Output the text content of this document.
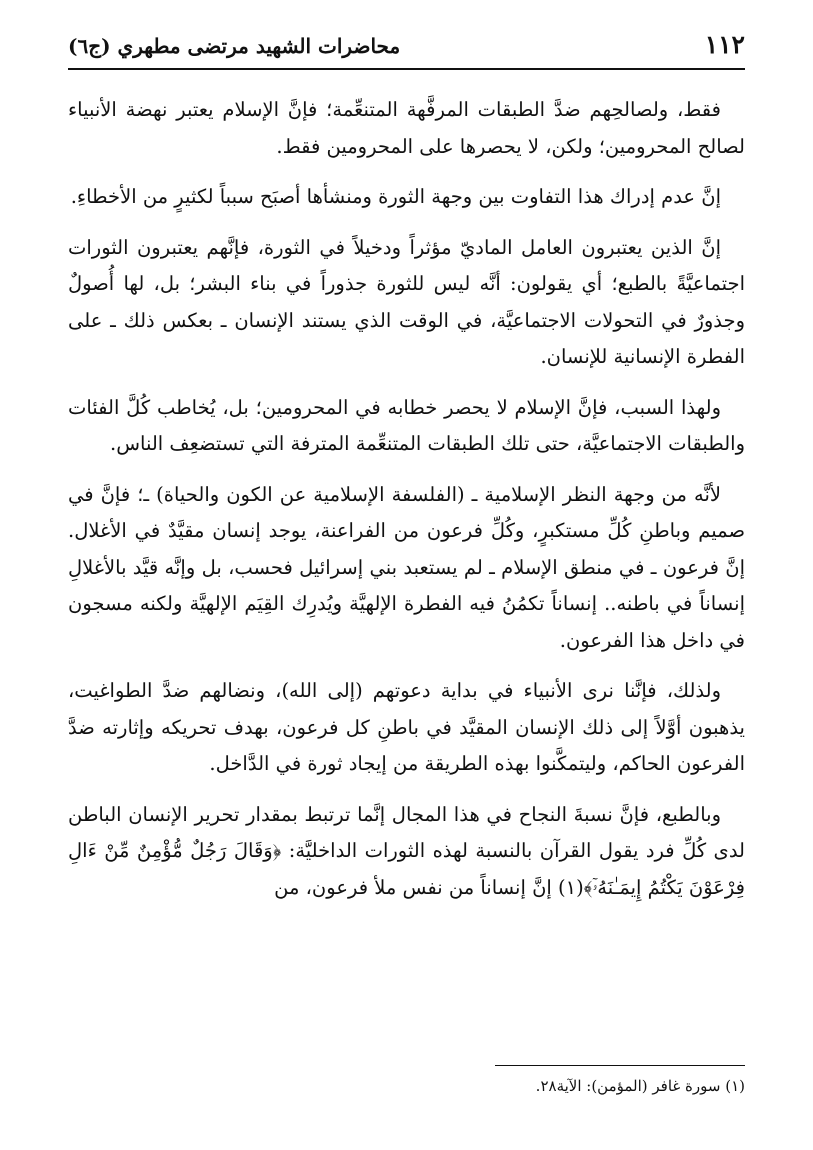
١١٢
محاضرات الشهيد مرتضى مطهري (ج٦)

فقط، ولصالحِهم ضدَّ الطبقات المرفَّهة المتنعِّمة؛ فإنَّ الإسلام يعتبر نهضة الأنبياء لصالح المحرومين؛ ولكن، لا يحصرها على المحرومين فقط.

إنَّ عدم إدراك هذا التفاوت بين وجهة الثورة ومنشأها أصبَح سبباً لكثيرٍ من الأخطاءِ.

إنَّ الذين يعتبرون العامل الماديّ مؤثراً ودخيلاً في الثورة، فإنَّهم يعتبرون الثورات اجتماعيَّةً بالطبع؛ أي يقولون: أنَّه ليس للثورة جذوراً في بناء البشر؛ بل، لها أُصولٌ وجذورٌ في التحولات الاجتماعيَّة، في الوقت الذي يستند الإنسان ـ بعكس ذلك ـ على الفطرة الإنسانية للإنسان.

ولهذا السبب، فإنَّ الإسلام لا يحصر خطابه في المحرومين؛ بل، يُخاطب كُلَّ الفئات والطبقات الاجتماعيَّة، حتى تلك الطبقات المتنعِّمة المترفة التي تستضعِف الناس.

لأنَّه من وجهة النظر الإسلامية ـ (الفلسفة الإسلامية عن الكون والحياة) ـ؛ فإنَّ في صميم وباطنِ كُلِّ مستكبرٍ، وكُلِّ فرعون من الفراعنة، يوجد إنسان مقيَّدٌ في الأغلال. إنَّ فرعون ـ في منطق الإسلام ـ لم يستعبد بني إسرائيل فحسب، بل وإنَّه قيَّد بالأغلالِ إنساناً في باطنه.. إنساناً تكمُنُ فيه الفطرة الإلهيَّة ويُدرِك القِيَم الإلهيَّة ولكنه مسجون في داخل هذا الفرعون.

ولذلك، فإنَّنا نرى الأنبياء في بداية دعوتهم (إلى الله)، ونضالهم ضدَّ الطواغيت، يذهبون أوَّلاً إلى ذلك الإنسان المقيَّد في باطنِ كل فرعون، بهدف تحريكه وإثارته ضدَّ الفرعون الحاكم، وليتمكَّنوا بهذه الطريقة من إيجاد ثورة في الدَّاخل.

وبالطبع، فإنَّ نسبةَ النجاح في هذا المجال إنَّما ترتبط بمقدار تحرير الإنسان الباطن لدى كُلِّ فرد يقول القرآن بالنسبة لهذه الثورات الداخليَّة: ﴿وَقَالَ رَجُلٌ مُّؤْمِنٌ مِّنْ ءَالِ فِرْعَوْنَ يَكْتُمُ إِيمَـٰنَهُۥٓ﴾(١) إنَّ إنساناً من نفس ملأ فرعون، من

(١) سورة غافر (المؤمن): الآية٢٨.
